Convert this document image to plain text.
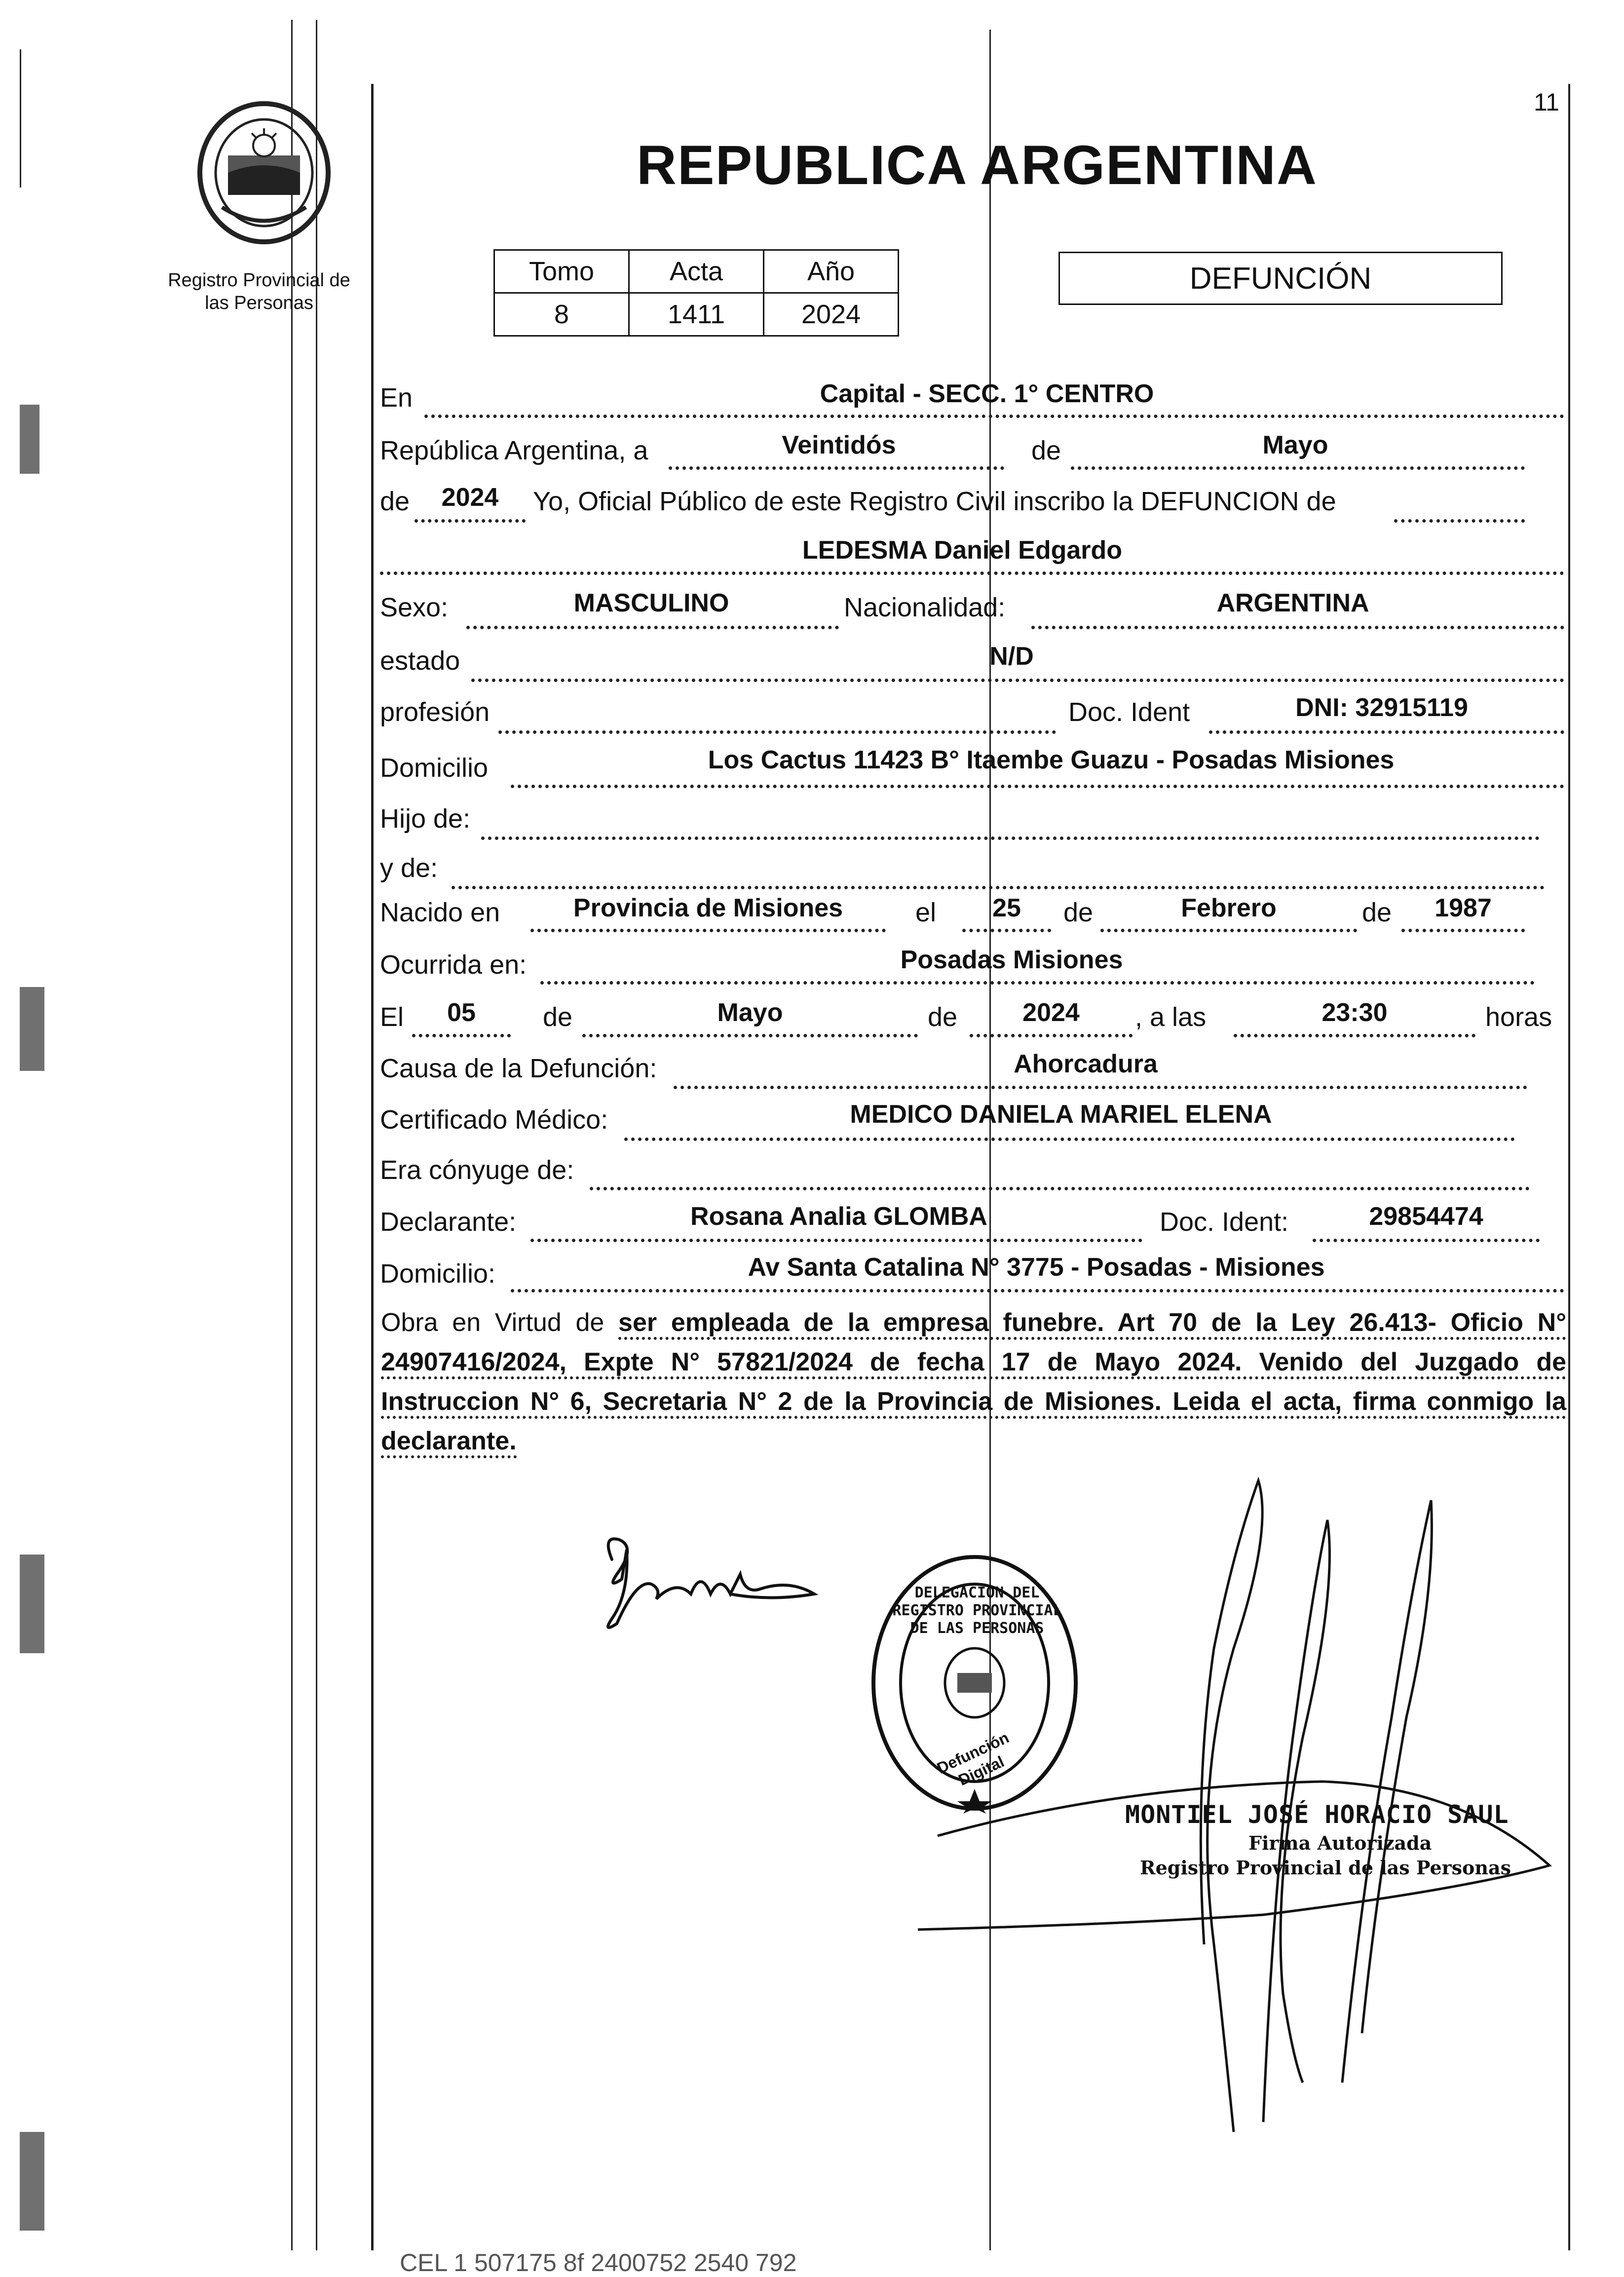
11
Registro Provincial de las Personas
REPUBLICA ARGENTINA
Tomo	Acta	Año
8	1411	2024
DEFUNCIÓN
En	Capital - SECC. 1° CENTRO
República Argentina, a	Veintidós	de	Mayo
de	2024	Yo, Oficial Público de este Registro Civil inscribo la DEFUNCION de
LEDESMA Daniel Edgardo
Sexo:	MASCULINO	Nacionalidad:	ARGENTINA
estado	N/D
profesión	Doc. Ident	DNI: 32915119
Domicilio	Los Cactus 11423 B° Itaembe Guazu - Posadas Misiones
Hijo de:
y de:
Nacido en	Provincia de Misiones	el	25	de	Febrero	de	1987
Ocurrida en:	Posadas Misiones
El	05	de	Mayo	de	2024	, a las	23:30	horas
Causa de la Defunción:	Ahorcadura
Certificado Médico:	MEDICO DANIELA MARIEL ELENA
Era cónyuge de:
Declarante:	Rosana Analia GLOMBA	Doc. Ident:	29854474
Domicilio:	Av Santa Catalina N° 3775 - Posadas - Misiones
Obra en Virtud de ser empleada de la empresa funebre. Art 70 de la Ley 26.413- Oficio N° 24907416/2024, Expte N° 57821/2024 de fecha 17 de Mayo 2024. Venido del Juzgado de Instruccion N° 6, Secretaria N° 2 de la Provincia de Misiones. Leida el acta, firma conmigo la declarante.
DELEGACION DEL REGISTRO PROVINCIAL DE LAS PERSONAS
Defunción Digital
MONTIEL JOSÉ HORACIO SAUL
Firma Autorizada
Registro Provincial de las Personas
CEL 1 507175 8f 2400752 2540 792
